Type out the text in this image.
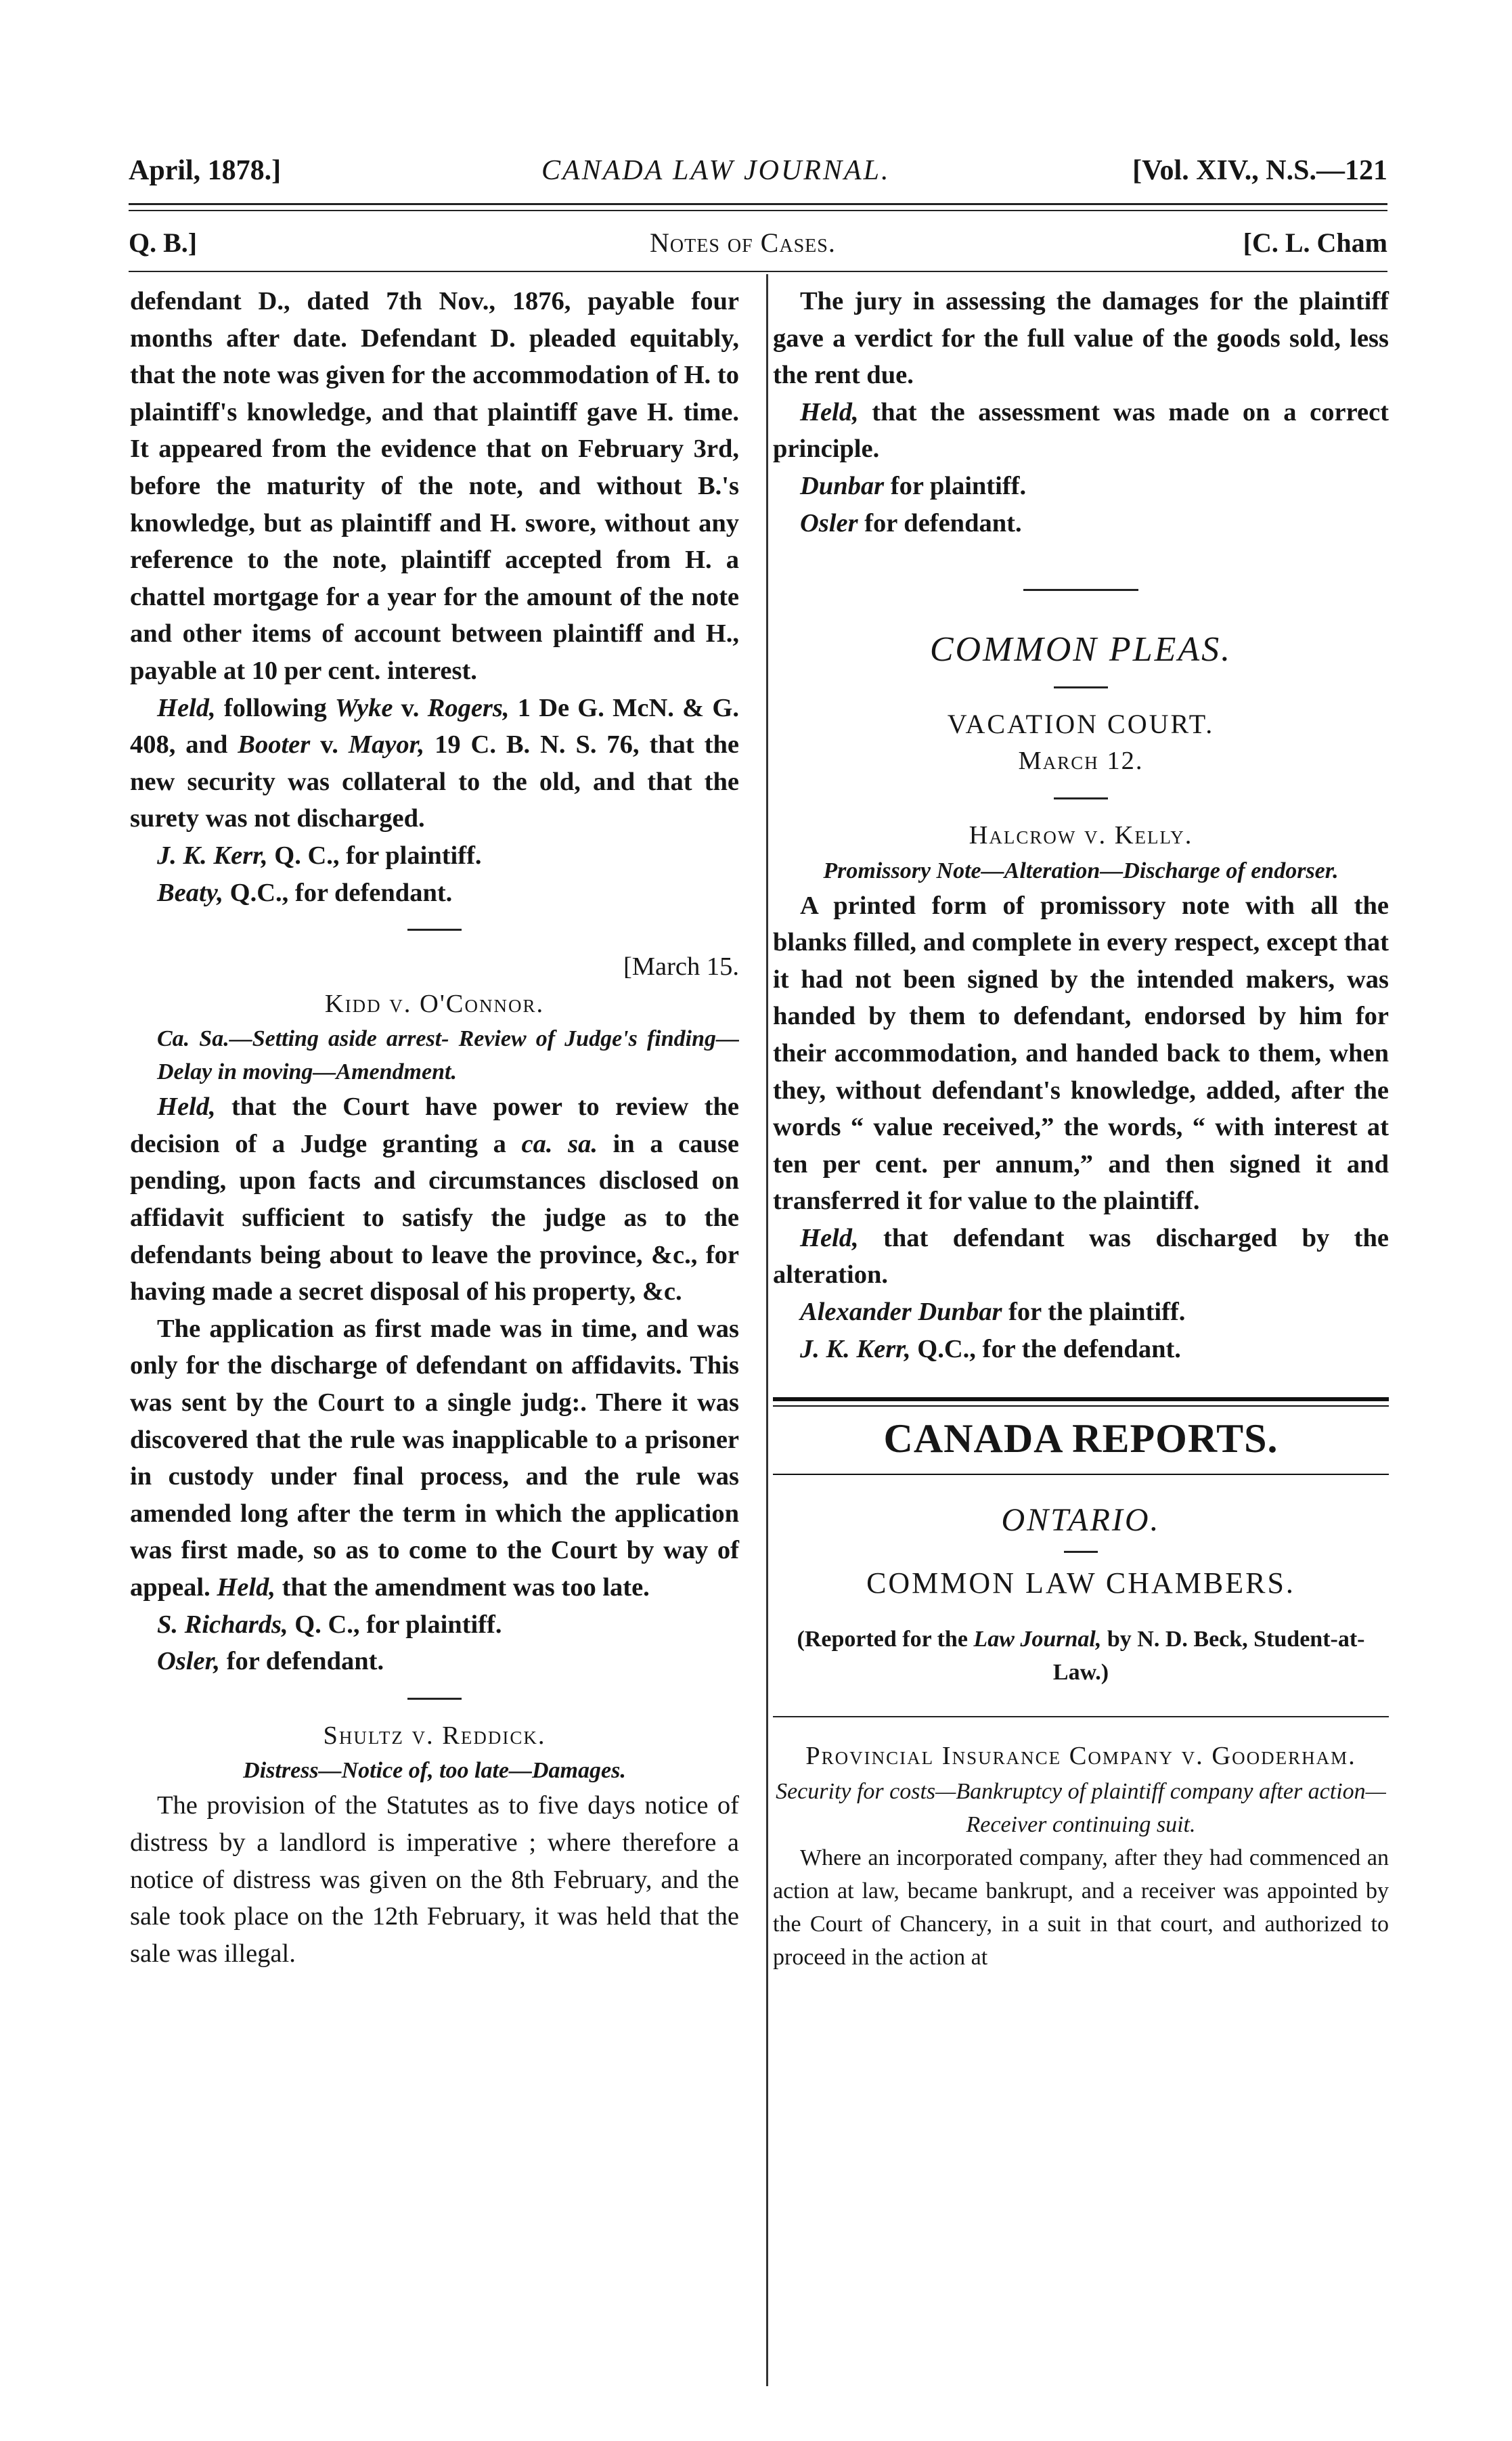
April, 1878.]	CANADA LAW JOURNAL.	[Vol. XIV., N.S.—121
Q. B.]	Notes of Cases.	[C. L. Cham

defendant D., dated 7th Nov., 1876, payable four months after date. Defendant D. pleaded equitably, that the note was given for the accommodation of H. to plaintiff's knowledge, and that plaintiff gave H. time. It appeared from the evidence that on February 3rd, before the maturity of the note, and without B.'s knowledge, but as plaintiff and H. swore, without any reference to the note, plaintiff accepted from H. a chattel mortgage for a year for the amount of the note and other items of account between plaintiff and H., payable at 10 per cent. interest.

Held, following Wyke v. Rogers, 1 De G. McN. & G. 408, and Booter v. Mayor, 19 C. B. N. S. 76, that the new security was collateral to the old, and that the surety was not discharged.

J. K. Kerr, Q. C., for plaintiff.

Beaty, Q.C., for defendant.

[March 15.

Kidd v. O'Connor.

Ca. Sa.—Setting aside arrest- Review of Judge's finding—Delay in moving—Amendment.

Held, that the Court have power to review the decision of a Judge granting a ca. sa. in a cause pending, upon facts and circumstances disclosed on affidavit sufficient to satisfy the judge as to the defendants being about to leave the province, &c., for having made a secret disposal of his property, &c.

The application as first made was in time, and was only for the discharge of defendant on affidavits. This was sent by the Court to a single judg:. There it was discovered that the rule was inapplicable to a prisoner in custody under final process, and the rule was amended long after the term in which the application was first made, so as to come to the Court by way of appeal. Held, that the amendment was too late.

S. Richards, Q. C., for plaintiff.

Osler, for defendant.

Shultz v. Reddick.

Distress—Notice of, too late—Damages.

The provision of the Statutes as to five days notice of distress by a landlord is imperative ; where therefore a notice of distress was given on the 8th February, and the sale took place on the 12th February, it was held that the sale was illegal.

The jury in assessing the damages for the plaintiff gave a verdict for the full value of the goods sold, less the rent due.

Held, that the assessment was made on a correct principle.

Dunbar for plaintiff.

Osler for defendant.

COMMON PLEAS.

VACATION COURT.

March 12.

Halcrow v. Kelly.

Promissory Note—Alteration—Discharge of endorser.

A printed form of promissory note with all the blanks filled, and complete in every respect, except that it had not been signed by the intended makers, was handed by them to defendant, endorsed by him for their accommodation, and handed back to them, when they, without defendant's knowledge, added, after the words “ value received,” the words, “ with interest at ten per cent. per annum,” and then signed it and transferred it for value to the plaintiff.

Held, that defendant was discharged by the alteration.

Alexander Dunbar for the plaintiff.

J. K. Kerr, Q.C., for the defendant.

CANADA REPORTS.

ONTARIO.

COMMON LAW CHAMBERS.

(Reported for the Law Journal, by N. D. Beck, Student-at-Law.)

Provincial Insurance Company v. Gooderham.

Security for costs—Bankruptcy of plaintiff company after action—Receiver continuing suit.

Where an incorporated company, after they had commenced an action at law, became bankrupt, and a receiver was appointed by the Court of Chancery, in a suit in that court, and authorized to proceed in the action at
